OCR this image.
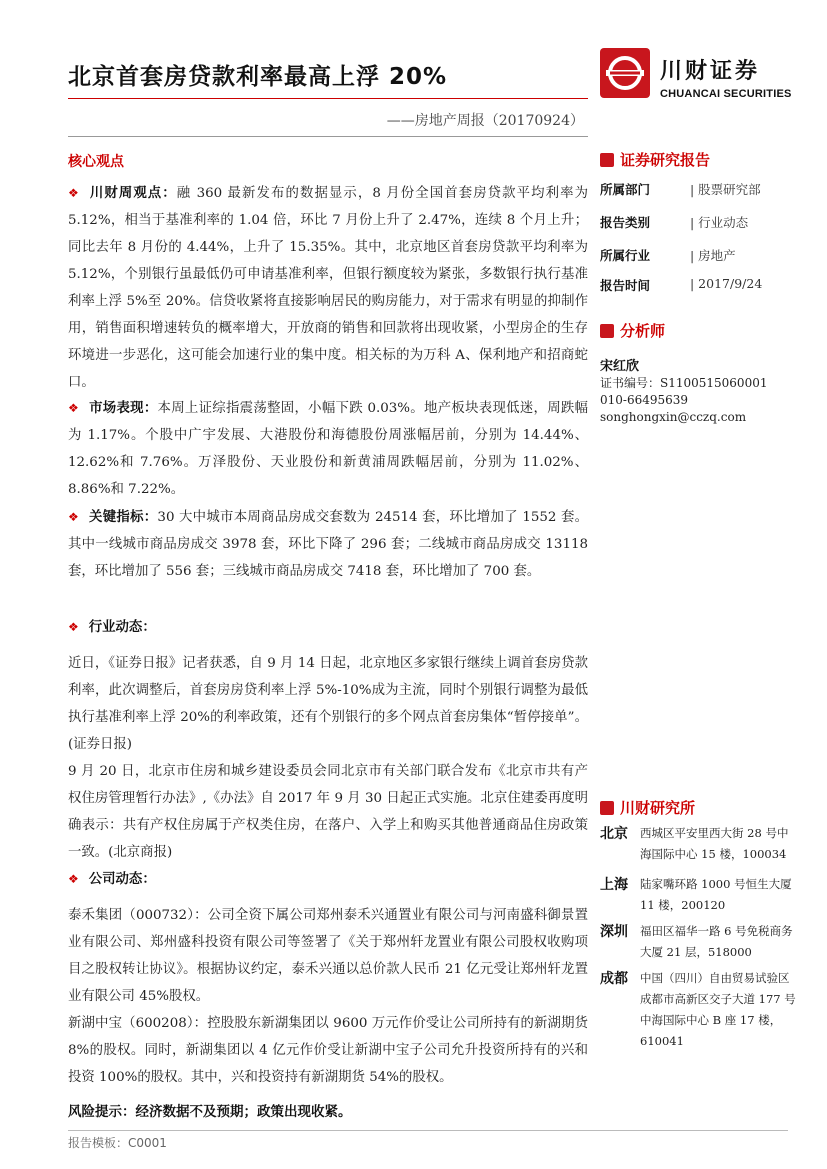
北京首套房贷款利率最高上浮 20%
——房地产周报（20170924）
川财证券
CHUANCAI SECURITIES
核心观点
❖ 川财周观点：融 360 最新发布的数据显示，8 月份全国首套房贷款平均利率为 5.12%，相当于基准利率的 1.04 倍，环比 7 月份上升了 2.47%，连续 8 个月上升；同比去年 8 月份的 4.44%，上升了 15.35%。其中，北京地区首套房贷款平均利率为 5.12%，个别银行虽最低仍可申请基准利率，但银行额度较为紧张，多数银行执行基准利率上浮 5%至 20%。信贷收紧将直接影响居民的购房能力，对于需求有明显的抑制作用，销售面积增速转负的概率增大，开放商的销售和回款将出现收紧，小型房企的生存环境进一步恶化，这可能会加速行业的集中度。相关标的为万科 A、保利地产和招商蛇口。
❖ 市场表现：本周上证综指震荡整固，小幅下跌 0.03%。地产板块表现低迷，周跌幅为 1.17%。个股中广宇发展、大港股份和海德股份周涨幅居前，分别为 14.44%、12.62%和 7.76%。万泽股份、天业股份和新黄浦周跌幅居前，分别为 11.02%、8.86%和 7.22%。
❖ 关键指标：30 大中城市本周商品房成交套数为 24514 套，环比增加了 1552 套。其中一线城市商品房成交 3978 套，环比下降了 296 套；二线城市商品房成交 13118 套，环比增加了 556 套；三线城市商品房成交 7418 套，环比增加了 700 套。
❖ 行业动态：
近日，《证券日报》记者获悉，自 9 月 14 日起，北京地区多家银行继续上调首套房贷款利率，此次调整后，首套房房贷利率上浮 5%-10%成为主流，同时个别银行调整为最低执行基准利率上浮 20%的利率政策，还有个别银行的多个网点首套房集体“暂停接单”。(证券日报)
9 月 20 日，北京市住房和城乡建设委员会同北京市有关部门联合发布《北京市共有产权住房管理暂行办法》,《办法》自 2017 年 9 月 30 日起正式实施。北京住建委再度明确表示：共有产权住房属于产权类住房，在落户、入学上和购买其他普通商品住房政策一致。(北京商报)
❖ 公司动态：
泰禾集团（000732）：公司全资下属公司郑州泰禾兴通置业有限公司与河南盛科御景置业有限公司、郑州盛科投资有限公司等签署了《关于郑州轩龙置业有限公司股权收购项目之股权转让协议》。根据协议约定，泰禾兴通以总价款人民币 21 亿元受让郑州轩龙置业有限公司 45%股权。
新湖中宝（600208）：控股股东新湖集团以 9600 万元作价受让公司所持有的新湖期货 8%的股权。同时，新湖集团以 4 亿元作价受让新湖中宝子公司允升投资所持有的兴和投资 100%的股权。其中，兴和投资持有新湖期货 54%的股权。
风险提示：经济数据不及预期；政策出现收紧。
证券研究报告
所属部门	| 股票研究部
报告类别	| 行业动态
所属行业	| 房地产
报告时间	| 2017/9/24
分析师
宋红欣
证书编号：S1100515060001
010-66495639
songhongxin@cczq.com
川财研究所
北京 西城区平安里西大街 28 号中海国际中心 15 楼，100034
上海 陆家嘴环路 1000 号恒生大厦 11 楼，200120
深圳 福田区福华一路 6 号免税商务大厦 21 层，518000
成都 中国（四川）自由贸易试验区成都市高新区交子大道 177 号中海国际中心 B 座 17 楼，610041
报告模板：C0001
